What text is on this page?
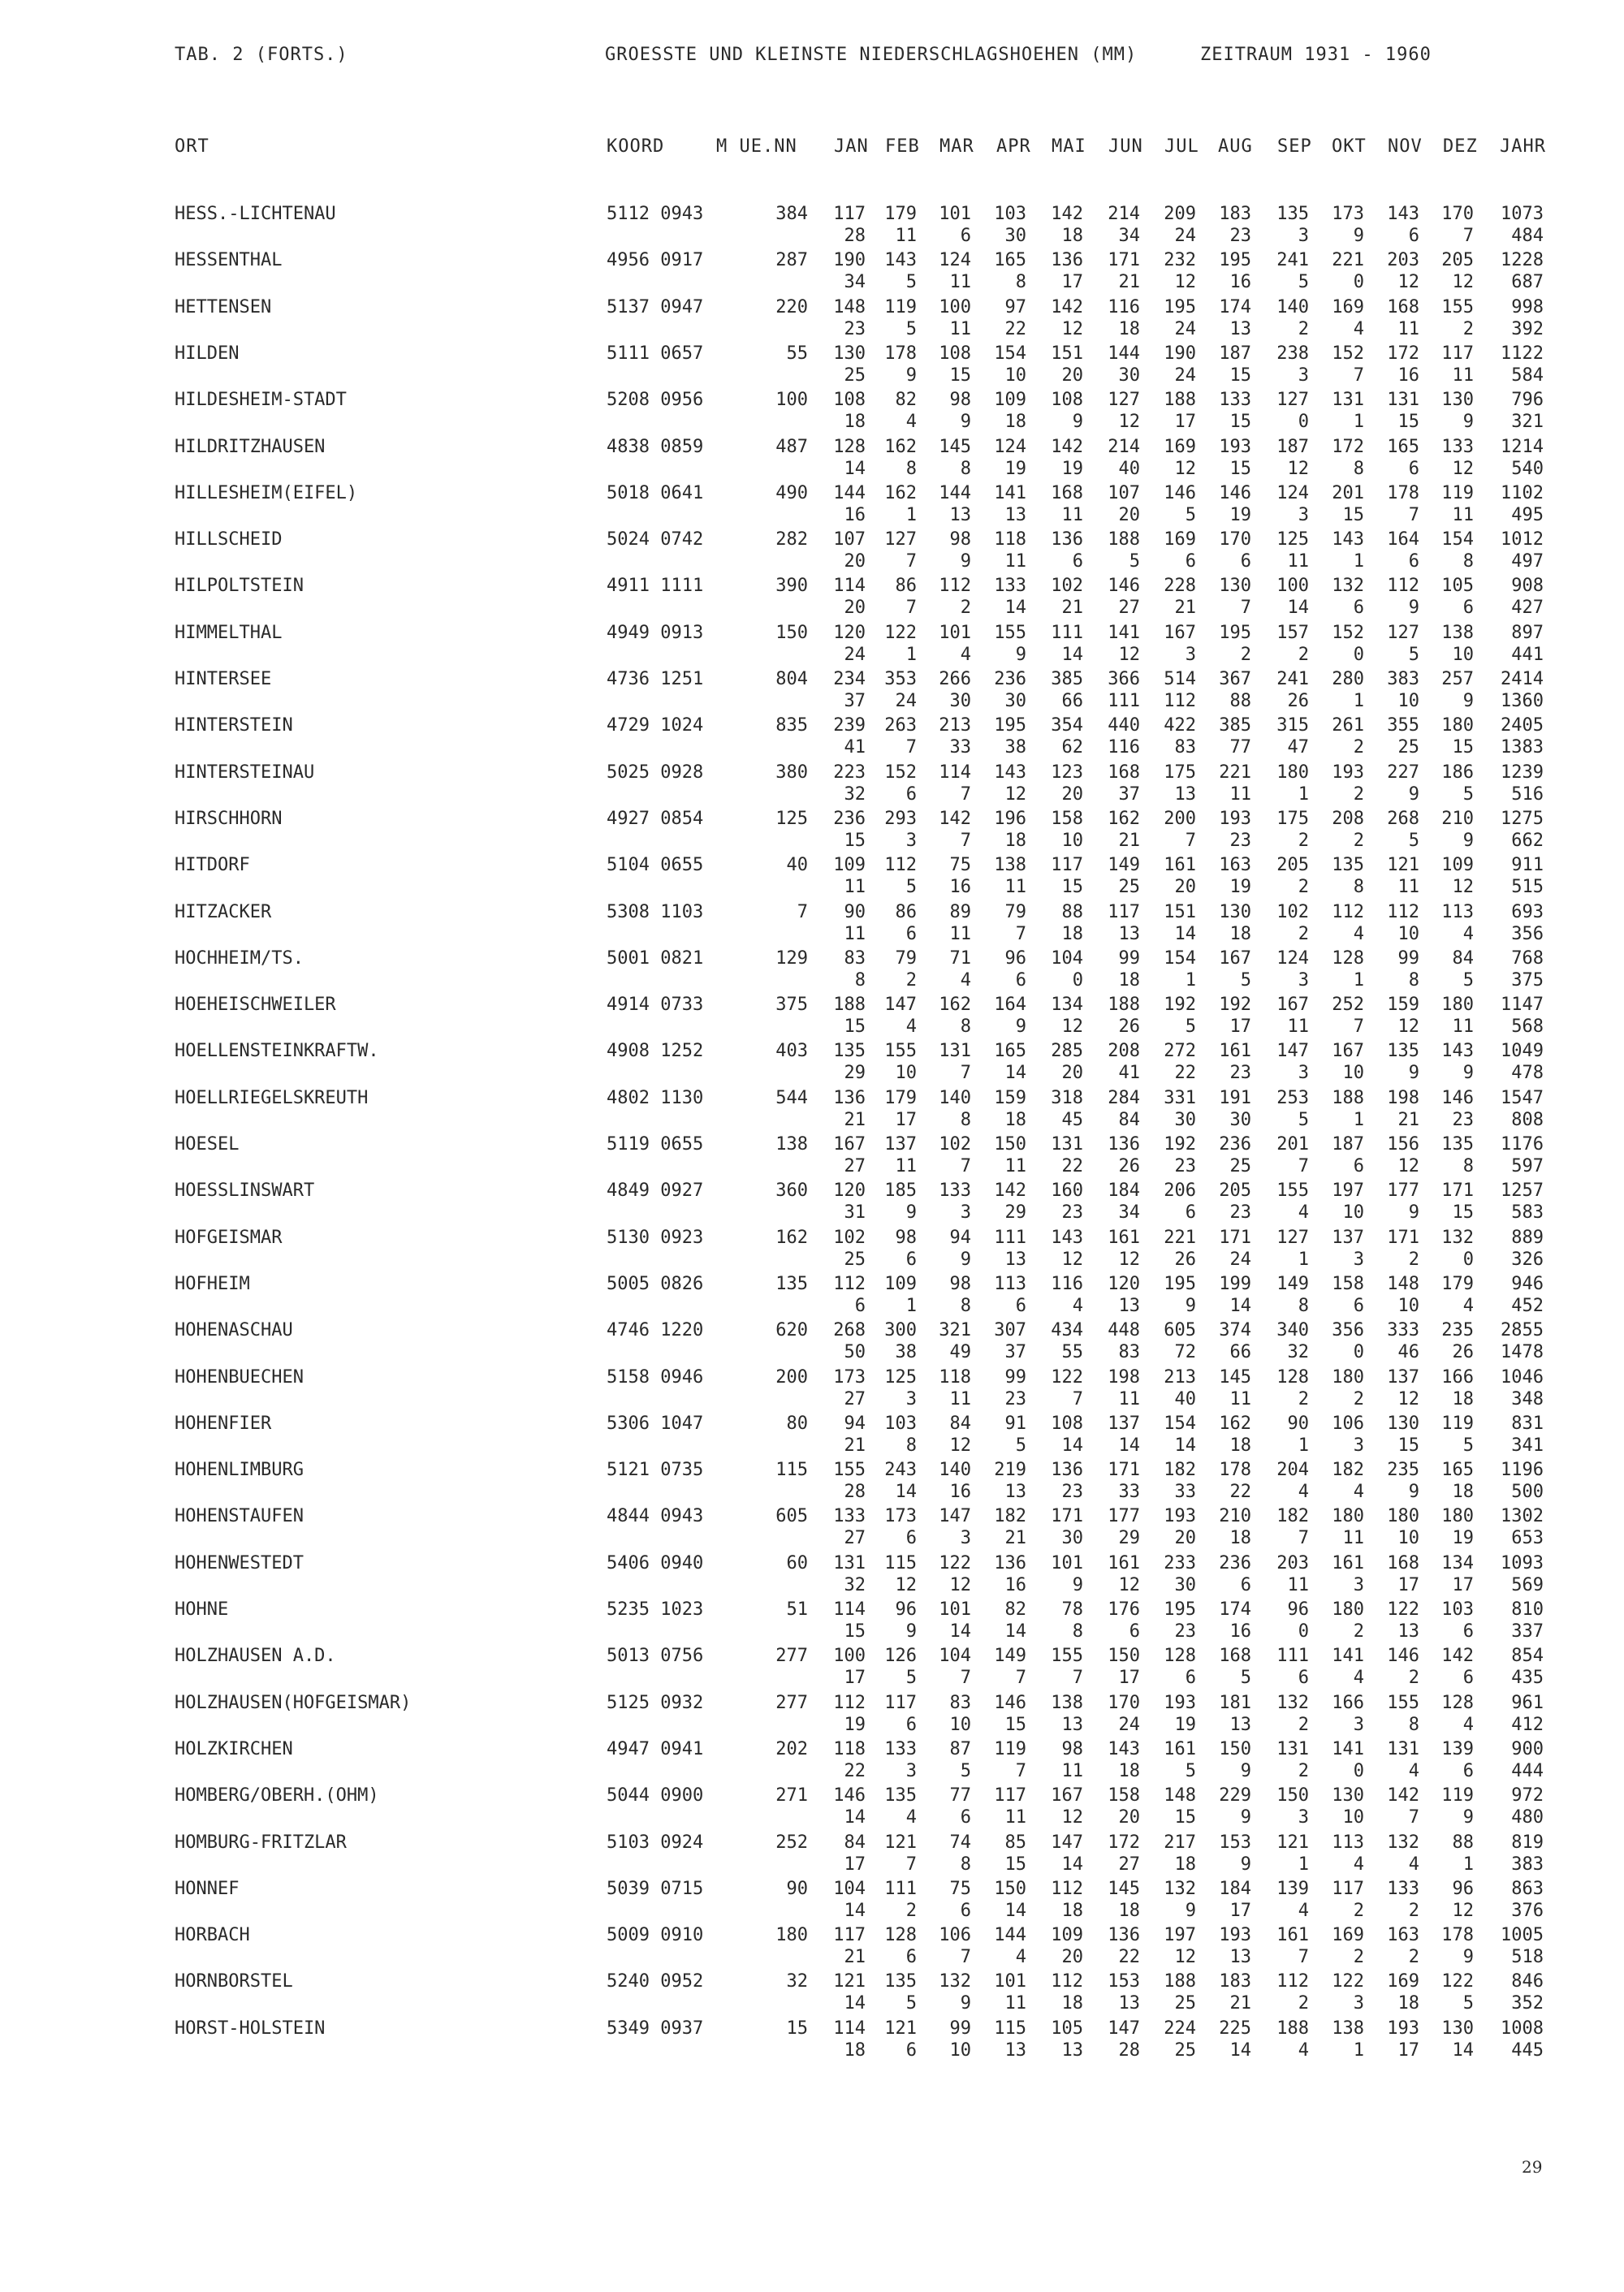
TAB. 2 (FORTS.)	GROESSTE UND KLEINSTE NIEDERSCHLAGSHOEHEN (MM)	ZEITRAUM 1931 - 1960
ORT	KOORD	M UE.NN JAN FEB MAR APR MAI JUN JUL AUG SEP OKT NOV DEZ JAHR
HESS.-LICHTENAU	5112 0943	384	117	179	101	103	142	214	209	183	135	173	143	170	1073
28	11	6	30	18	34	24	23	3	9	6	7	484
HESSENTHAL	4956 0917	287	190	143	124	165	136	171	232	195	241	221	203	205	1228
34	5	11	8	17	21	12	16	5	0	12	12	687
HETTENSEN	5137 0947	220	148	119	100	97	142	116	195	174	140	169	168	155	998
23	5	11	22	12	18	24	13	2	4	11	2	392
HILDEN	5111 0657	55	130	178	108	154	151	144	190	187	238	152	172	117	1122
25	9	15	10	20	30	24	15	3	7	16	11	584
HILDESHEIM-STADT	5208 0956	100	108	82	98	109	108	127	188	133	127	131	131	130	796
18	4	9	18	9	12	17	15	0	1	15	9	321
HILDRITZHAUSEN	4838 0859	487	128	162	145	124	142	214	169	193	187	172	165	133	1214
14	8	8	19	19	40	12	15	12	8	6	12	540
HILLESHEIM(EIFEL)	5018 0641	490	144	162	144	141	168	107	146	146	124	201	178	119	1102
16	1	13	13	11	20	5	19	3	15	7	11	495
HILLSCHEID	5024 0742	282	107	127	98	118	136	188	169	170	125	143	164	154	1012
20	7	9	11	6	5	6	6	11	1	6	8	497
HILPOLTSTEIN	4911 1111	390	114	86	112	133	102	146	228	130	100	132	112	105	908
20	7	2	14	21	27	21	7	14	6	9	6	427
HIMMELTHAL	4949 0913	150	120	122	101	155	111	141	167	195	157	152	127	138	897
24	1	4	9	14	12	3	2	2	0	5	10	441
HINTERSEE	4736 1251	804	234	353	266	236	385	366	514	367	241	280	383	257	2414
37	24	30	30	66	111	112	88	26	1	10	9	1360
HINTERSTEIN	4729 1024	835	239	263	213	195	354	440	422	385	315	261	355	180	2405
41	7	33	38	62	116	83	77	47	2	25	15	1383
HINTERSTEINAU	5025 0928	380	223	152	114	143	123	168	175	221	180	193	227	186	1239
32	6	7	12	20	37	13	11	1	2	9	5	516
HIRSCHHORN	4927 0854	125	236	293	142	196	158	162	200	193	175	208	268	210	1275
15	3	7	18	10	21	7	23	2	2	5	9	662
HITDORF	5104 0655	40	109	112	75	138	117	149	161	163	205	135	121	109	911
11	5	16	11	15	25	20	19	2	8	11	12	515
HITZACKER	5308 1103	7	90	86	89	79	88	117	151	130	102	112	112	113	693
11	6	11	7	18	13	14	18	2	4	10	4	356
HOCHHEIM/TS.	5001 0821	129	83	79	71	96	104	99	154	167	124	128	99	84	768
8	2	4	6	0	18	1	5	3	1	8	5	375
HOEHEISCHWEILER	4914 0733	375	188	147	162	164	134	188	192	192	167	252	159	180	1147
15	4	8	9	12	26	5	17	11	7	12	11	568
HOELLENSTEINKRAFTW.	4908 1252	403	135	155	131	165	285	208	272	161	147	167	135	143	1049
29	10	7	14	20	41	22	23	3	10	9	9	478
HOELLRIEGELSKREUTH	4802 1130	544	136	179	140	159	318	284	331	191	253	188	198	146	1547
21	17	8	18	45	84	30	30	5	1	21	23	808
HOESEL	5119 0655	138	167	137	102	150	131	136	192	236	201	187	156	135	1176
27	11	7	11	22	26	23	25	7	6	12	8	597
HOESSLINSWART	4849 0927	360	120	185	133	142	160	184	206	205	155	197	177	171	1257
31	9	3	29	23	34	6	23	4	10	9	15	583
HOFGEISMAR	5130 0923	162	102	98	94	111	143	161	221	171	127	137	171	132	889
25	6	9	13	12	12	26	24	1	3	2	0	326
HOFHEIM	5005 0826	135	112	109	98	113	116	120	195	199	149	158	148	179	946
6	1	8	6	4	13	9	14	8	6	10	4	452
HOHENASCHAU	4746 1220	620	268	300	321	307	434	448	605	374	340	356	333	235	2855
50	38	49	37	55	83	72	66	32	0	46	26	1478
HOHENBUECHEN	5158 0946	200	173	125	118	99	122	198	213	145	128	180	137	166	1046
27	3	11	23	7	11	40	11	2	2	12	18	348
HOHENFIER	5306 1047	80	94	103	84	91	108	137	154	162	90	106	130	119	831
21	8	12	5	14	14	14	18	1	3	15	5	341
HOHENLIMBURG	5121 0735	115	155	243	140	219	136	171	182	178	204	182	235	165	1196
28	14	16	13	23	33	33	22	4	4	9	18	500
HOHENSTAUFEN	4844 0943	605	133	173	147	182	171	177	193	210	182	180	180	180	1302
27	6	3	21	30	29	20	18	7	11	10	19	653
HOHENWESTEDT	5406 0940	60	131	115	122	136	101	161	233	236	203	161	168	134	1093
32	12	12	16	9	12	30	6	11	3	17	17	569
HOHNE	5235 1023	51	114	96	101	82	78	176	195	174	96	180	122	103	810
15	9	14	14	8	6	23	16	0	2	13	6	337
HOLZHAUSEN A.D.	5013 0756	277	100	126	104	149	155	150	128	168	111	141	146	142	854
17	5	7	7	7	17	6	5	6	4	2	6	435
HOLZHAUSEN(HOFGEISMAR)	5125 0932	277	112	117	83	146	138	170	193	181	132	166	155	128	961
19	6	10	15	13	24	19	13	2	3	8	4	412
HOLZKIRCHEN	4947 0941	202	118	133	87	119	98	143	161	150	131	141	131	139	900
22	3	5	7	11	18	5	9	2	0	4	6	444
HOMBERG/OBERH.(OHM)	5044 0900	271	146	135	77	117	167	158	148	229	150	130	142	119	972
14	4	6	11	12	20	15	9	3	10	7	9	480
HOMBURG-FRITZLAR	5103 0924	252	84	121	74	85	147	172	217	153	121	113	132	88	819
17	7	8	15	14	27	18	9	1	4	4	1	383
HONNEF	5039 0715	90	104	111	75	150	112	145	132	184	139	117	133	96	863
14	2	6	14	18	18	9	17	4	2	2	12	376
HORBACH	5009 0910	180	117	128	106	144	109	136	197	193	161	169	163	178	1005
21	6	7	4	20	22	12	13	7	2	2	9	518
HORNBORSTEL	5240 0952	32	121	135	132	101	112	153	188	183	112	122	169	122	846
14	5	9	11	18	13	25	21	2	3	18	5	352
HORST-HOLSTEIN	5349 0937	15	114	121	99	115	105	147	224	225	188	138	193	130	1008
18	6	10	13	13	28	25	14	4	1	17	14	445
29
